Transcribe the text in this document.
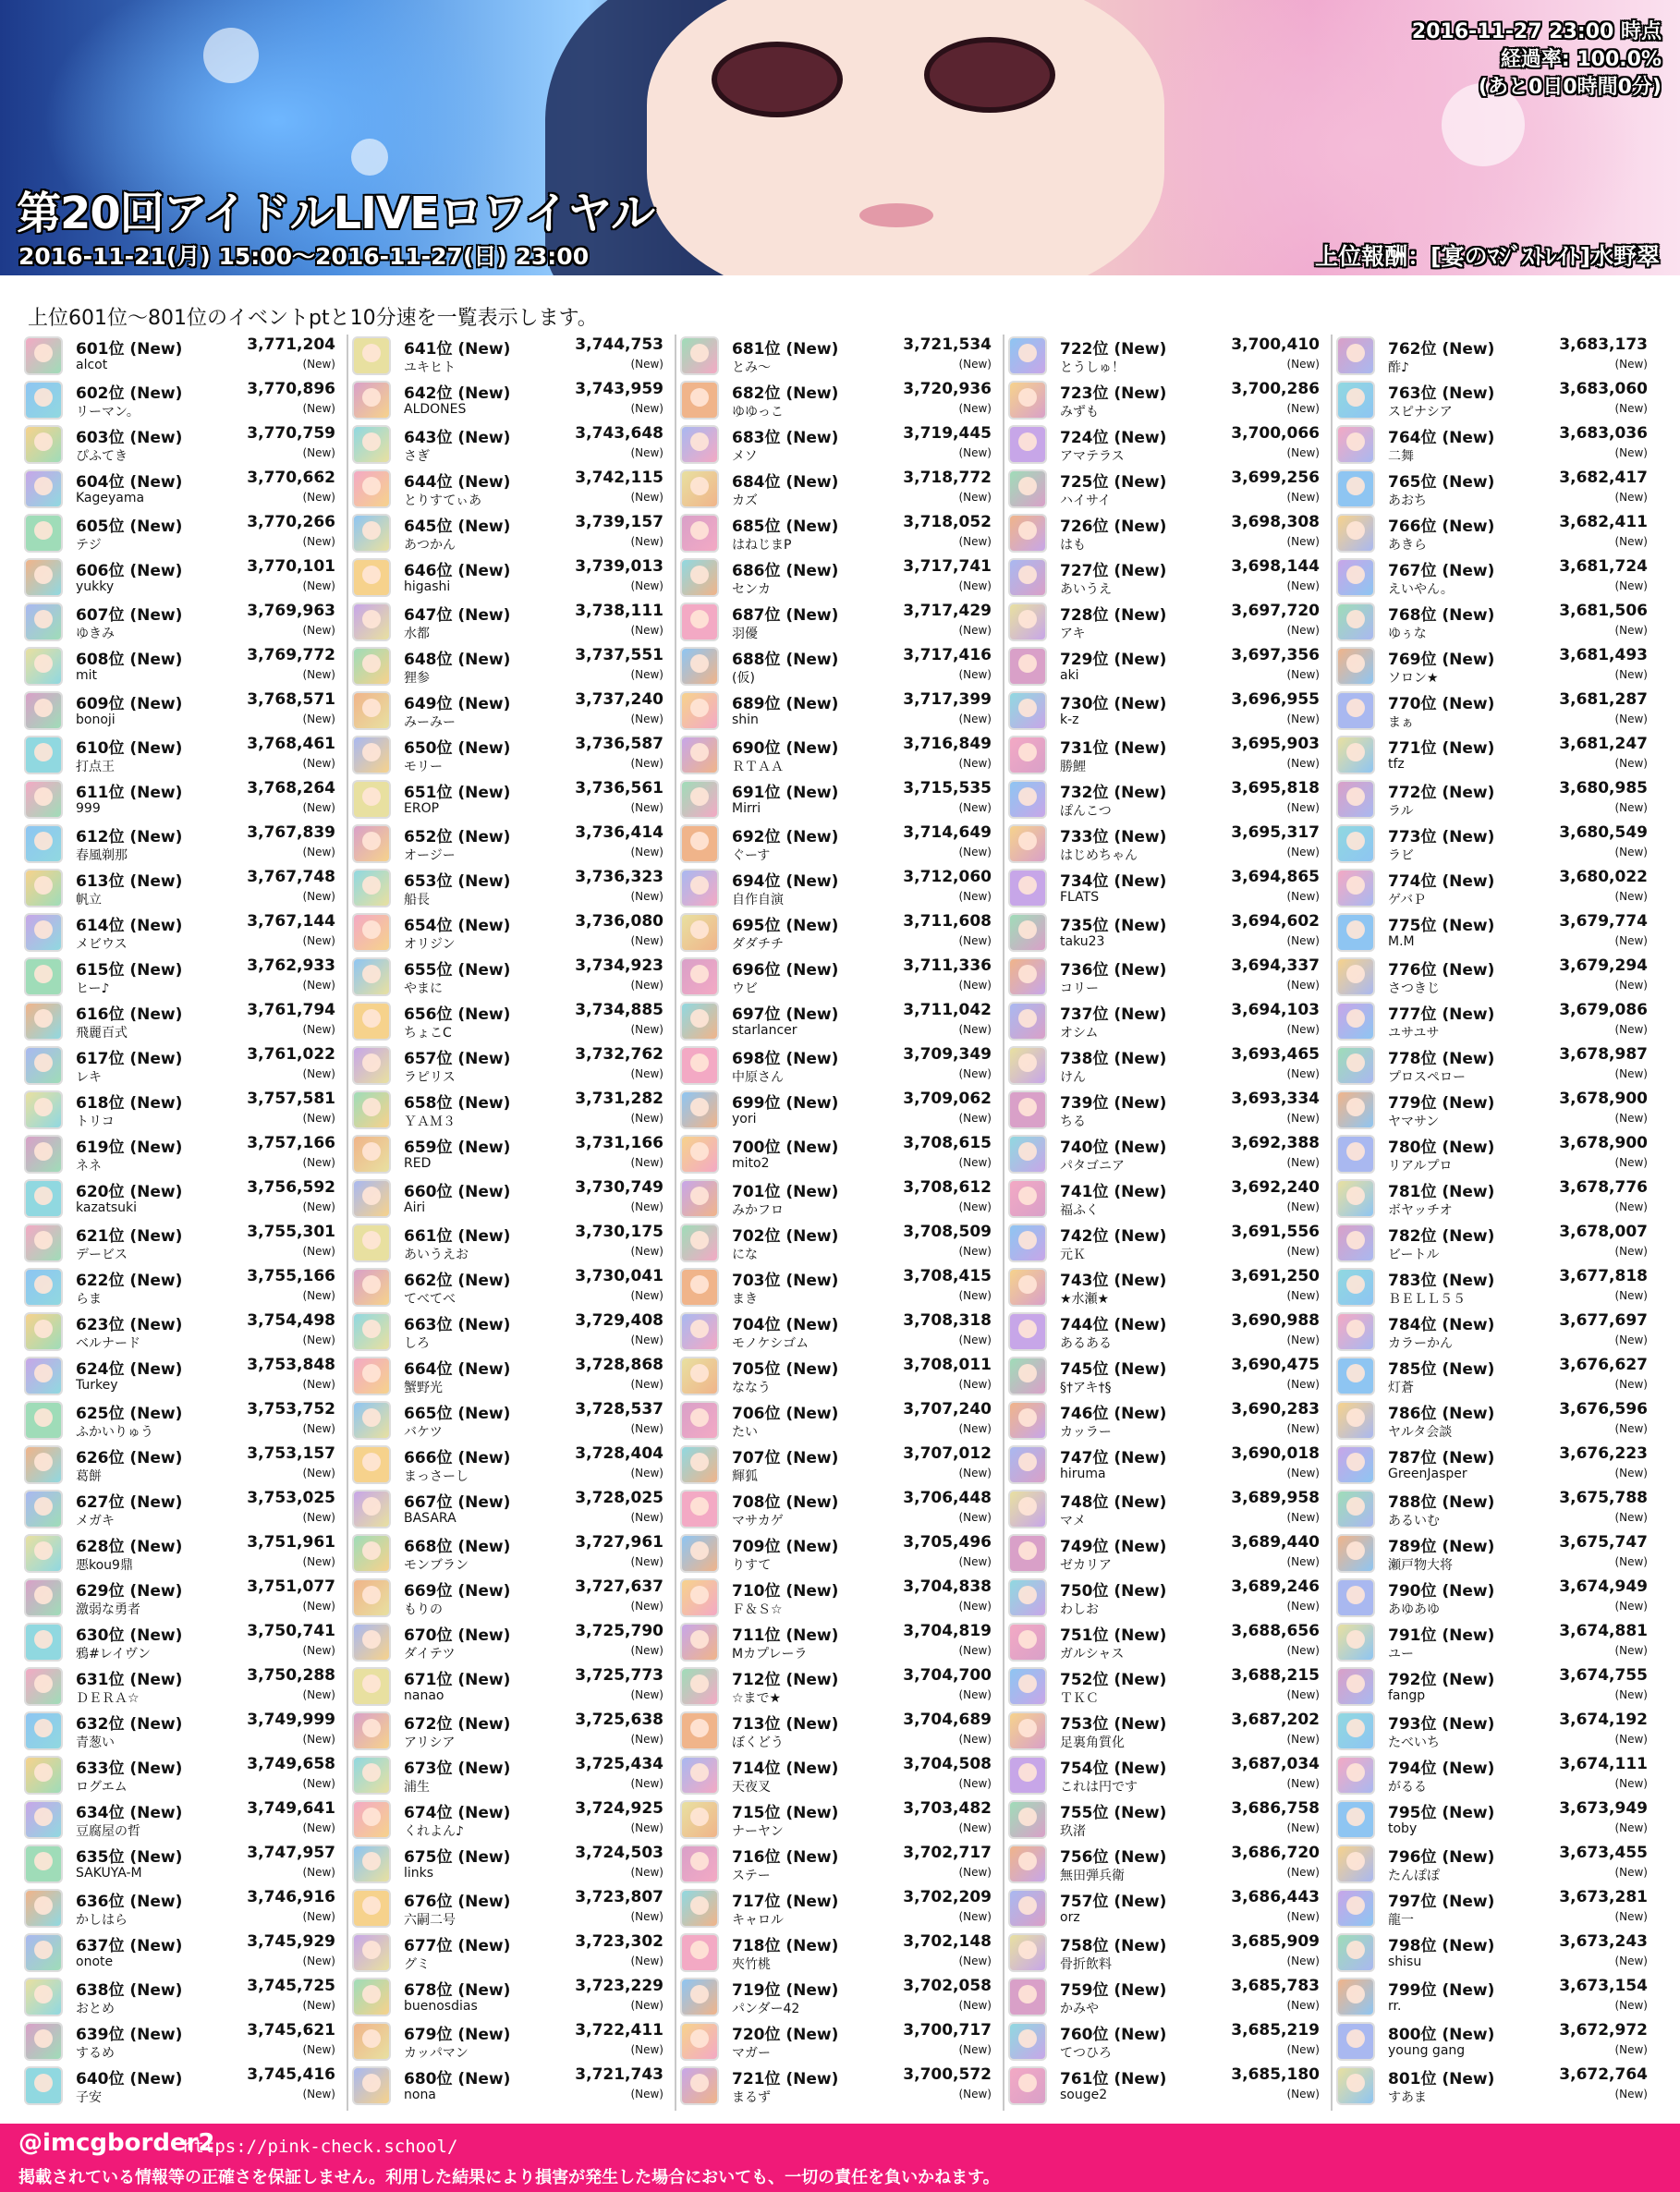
2016-11-27 23:00 時点
経過率: 100.0%
(あと0日0時間0分)
第20回アイドルLIVEロワイヤル
2016-11-21(月) 15:00〜2016-11-27(日) 23:00	上位報酬：[宴のﾏｼﾞｽﾄﾚｲﾄ]水野翠
上位601位〜801位のイベントptと10分速を一覧表示します。
601位 (New)
alcot
3,771,204
(New)
602位 (New)
リーマン。
3,770,896
(New)
603位 (New)
ぴふてき
3,770,759
(New)
604位 (New)
Kageyama
3,770,662
(New)
605位 (New)
テジ
3,770,266
(New)
606位 (New)
yukky
3,770,101
(New)
607位 (New)
ゆきみ
3,769,963
(New)
608位 (New)
mit
3,769,772
(New)
609位 (New)
bonoji
3,768,571
(New)
610位 (New)
打点王
3,768,461
(New)
611位 (New)
999
3,768,264
(New)
612位 (New)
春風剃那
3,767,839
(New)
613位 (New)
帆立
3,767,748
(New)
614位 (New)
メビウス
3,767,144
(New)
615位 (New)
ヒー♪
3,762,933
(New)
616位 (New)
飛麗百式
3,761,794
(New)
617位 (New)
レキ
3,761,022
(New)
618位 (New)
トリコ
3,757,581
(New)
619位 (New)
ネネ
3,757,166
(New)
620位 (New)
kazatsuki
3,756,592
(New)
621位 (New)
デービス
3,755,301
(New)
622位 (New)
らま
3,755,166
(New)
623位 (New)
ベルナード
3,754,498
(New)
624位 (New)
Turkey
3,753,848
(New)
625位 (New)
ふかいりゅう
3,753,752
(New)
626位 (New)
葛餅
3,753,157
(New)
627位 (New)
メガキ
3,753,025
(New)
628位 (New)
悪kou9鼎
3,751,961
(New)
629位 (New)
激弱な勇者
3,751,077
(New)
630位 (New)
鴉#レイヴン
3,750,741
(New)
631位 (New)
ＤＥＲＡ☆
3,750,288
(New)
632位 (New)
青葱い
3,749,999
(New)
633位 (New)
ログエム
3,749,658
(New)
634位 (New)
豆腐屋の哲
3,749,641
(New)
635位 (New)
SAKUYA-M
3,747,957
(New)
636位 (New)
かしはら
3,746,916
(New)
637位 (New)
onote
3,745,929
(New)
638位 (New)
おとめ
3,745,725
(New)
639位 (New)
するめ
3,745,621
(New)
640位 (New)
子安
3,745,416
(New)
641位 (New)
ユキヒト
3,744,753
(New)
642位 (New)
ALDONES
3,743,959
(New)
643位 (New)
さぎ
3,743,648
(New)
644位 (New)
とりすてぃあ
3,742,115
(New)
645位 (New)
あつかん
3,739,157
(New)
646位 (New)
higashi
3,739,013
(New)
647位 (New)
水都
3,738,111
(New)
648位 (New)
狸参
3,737,551
(New)
649位 (New)
みーみー
3,737,240
(New)
650位 (New)
モリー
3,736,587
(New)
651位 (New)
EROP
3,736,561
(New)
652位 (New)
オージー
3,736,414
(New)
653位 (New)
船長
3,736,323
(New)
654位 (New)
オリジン
3,736,080
(New)
655位 (New)
やまに
3,734,923
(New)
656位 (New)
ちょこC
3,734,885
(New)
657位 (New)
ラピリス
3,732,762
(New)
658位 (New)
ＹＡＭ３
3,731,282
(New)
659位 (New)
RED
3,731,166
(New)
660位 (New)
Airi
3,730,749
(New)
661位 (New)
あいうえお
3,730,175
(New)
662位 (New)
てべてべ
3,730,041
(New)
663位 (New)
しろ
3,729,408
(New)
664位 (New)
蟹野光
3,728,868
(New)
665位 (New)
バケツ
3,728,537
(New)
666位 (New)
まっさーし
3,728,404
(New)
667位 (New)
BASARA
3,728,025
(New)
668位 (New)
モンブラン
3,727,961
(New)
669位 (New)
もりの
3,727,637
(New)
670位 (New)
ダイテツ
3,725,790
(New)
671位 (New)
nanao
3,725,773
(New)
672位 (New)
アリシア
3,725,638
(New)
673位 (New)
浦生
3,725,434
(New)
674位 (New)
くれよん♪
3,724,925
(New)
675位 (New)
links
3,724,503
(New)
676位 (New)
六嗣二号
3,723,807
(New)
677位 (New)
グミ
3,723,302
(New)
678位 (New)
buenosdias
3,723,229
(New)
679位 (New)
カッパマン
3,722,411
(New)
680位 (New)
nona
3,721,743
(New)
681位 (New)
とみ〜
3,721,534
(New)
682位 (New)
ゆゆっこ
3,720,936
(New)
683位 (New)
メソ
3,719,445
(New)
684位 (New)
カズ
3,718,772
(New)
685位 (New)
はねじまP
3,718,052
(New)
686位 (New)
センカ
3,717,741
(New)
687位 (New)
羽優
3,717,429
(New)
688位 (New)
(仮)
3,717,416
(New)
689位 (New)
shin
3,717,399
(New)
690位 (New)
ＲＴＡＡ
3,716,849
(New)
691位 (New)
Mirri
3,715,535
(New)
692位 (New)
ぐーす
3,714,649
(New)
694位 (New)
自作自演
3,712,060
(New)
695位 (New)
ダダチチ
3,711,608
(New)
696位 (New)
ウビ
3,711,336
(New)
697位 (New)
starlancer
3,711,042
(New)
698位 (New)
中原さん
3,709,349
(New)
699位 (New)
yori
3,709,062
(New)
700位 (New)
mito2
3,708,615
(New)
701位 (New)
みかフロ
3,708,612
(New)
702位 (New)
にな
3,708,509
(New)
703位 (New)
まき
3,708,415
(New)
704位 (New)
モノケシゴム
3,708,318
(New)
705位 (New)
ななう
3,708,011
(New)
706位 (New)
たい
3,707,240
(New)
707位 (New)
輝狐
3,707,012
(New)
708位 (New)
マサカゲ
3,706,448
(New)
709位 (New)
りすて
3,705,496
(New)
710位 (New)
Ｆ＆Ｓ☆
3,704,838
(New)
711位 (New)
Mカプレーラ
3,704,819
(New)
712位 (New)
☆まで★
3,704,700
(New)
713位 (New)
ぼくどう
3,704,689
(New)
714位 (New)
天夜叉
3,704,508
(New)
715位 (New)
ナーヤン
3,703,482
(New)
716位 (New)
ステー
3,702,717
(New)
717位 (New)
キャロル
3,702,209
(New)
718位 (New)
夾竹桃
3,702,148
(New)
719位 (New)
パンダー42
3,702,058
(New)
720位 (New)
マガー
3,700,717
(New)
721位 (New)
まるず
3,700,572
(New)
722位 (New)
とうしゅ！
3,700,410
(New)
723位 (New)
みずも
3,700,286
(New)
724位 (New)
アマテラス
3,700,066
(New)
725位 (New)
ハイサイ
3,699,256
(New)
726位 (New)
はも
3,698,308
(New)
727位 (New)
あいうえ
3,698,144
(New)
728位 (New)
アキ
3,697,720
(New)
729位 (New)
aki
3,697,356
(New)
730位 (New)
k-z
3,696,955
(New)
731位 (New)
勝鯉
3,695,903
(New)
732位 (New)
ぽんこつ
3,695,818
(New)
733位 (New)
はじめちゃん
3,695,317
(New)
734位 (New)
FLATS
3,694,865
(New)
735位 (New)
taku23
3,694,602
(New)
736位 (New)
コリー
3,694,337
(New)
737位 (New)
オシム
3,694,103
(New)
738位 (New)
けん
3,693,465
(New)
739位 (New)
ちる
3,693,334
(New)
740位 (New)
パタゴニア
3,692,388
(New)
741位 (New)
福ふく
3,692,240
(New)
742位 (New)
元Ｋ
3,691,556
(New)
743位 (New)
★水瀬★
3,691,250
(New)
744位 (New)
あるある
3,690,988
(New)
745位 (New)
§†アキ†§
3,690,475
(New)
746位 (New)
カッラー
3,690,283
(New)
747位 (New)
hiruma
3,690,018
(New)
748位 (New)
マメ
3,689,958
(New)
749位 (New)
ゼカリア
3,689,440
(New)
750位 (New)
わしお
3,689,246
(New)
751位 (New)
ガルシャス
3,688,656
(New)
752位 (New)
ＴＫＣ
3,688,215
(New)
753位 (New)
足裏角質化
3,687,202
(New)
754位 (New)
これは円です
3,687,034
(New)
755位 (New)
玖渚
3,686,758
(New)
756位 (New)
無田弾兵衛
3,686,720
(New)
757位 (New)
orz
3,686,443
(New)
758位 (New)
骨折飲料
3,685,909
(New)
759位 (New)
かみや
3,685,783
(New)
760位 (New)
てつひろ
3,685,219
(New)
761位 (New)
souge2
3,685,180
(New)
762位 (New)
酢♪
3,683,173
(New)
763位 (New)
スピナシア
3,683,060
(New)
764位 (New)
二舞
3,683,036
(New)
765位 (New)
あおち
3,682,417
(New)
766位 (New)
あきら
3,682,411
(New)
767位 (New)
えいやん。
3,681,724
(New)
768位 (New)
ゆぅな
3,681,506
(New)
769位 (New)
ソロン★
3,681,493
(New)
770位 (New)
まぁ
3,681,287
(New)
771位 (New)
tfz
3,681,247
(New)
772位 (New)
ラル
3,680,985
(New)
773位 (New)
ラビ
3,680,549
(New)
774位 (New)
ゲバＰ
3,680,022
(New)
775位 (New)
M.M
3,679,774
(New)
776位 (New)
さつきじ
3,679,294
(New)
777位 (New)
ユサユサ
3,679,086
(New)
778位 (New)
プロスペロー
3,678,987
(New)
779位 (New)
ヤマサン
3,678,900
(New)
780位 (New)
リアルプロ
3,678,900
(New)
781位 (New)
ボヤッチオ
3,678,776
(New)
782位 (New)
ビートル
3,678,007
(New)
783位 (New)
ＢＥＬＬ５５
3,677,818
(New)
784位 (New)
カラーかん
3,677,697
(New)
785位 (New)
灯蒼
3,676,627
(New)
786位 (New)
ヤルタ会談
3,676,596
(New)
787位 (New)
GreenJasper
3,676,223
(New)
788位 (New)
あるいむ
3,675,788
(New)
789位 (New)
瀬戸物大将
3,675,747
(New)
790位 (New)
あゆあゆ
3,674,949
(New)
791位 (New)
ユー
3,674,881
(New)
792位 (New)
fangp
3,674,755
(New)
793位 (New)
たべいち
3,674,192
(New)
794位 (New)
がるる
3,674,111
(New)
795位 (New)
toby
3,673,949
(New)
796位 (New)
たんぽぽ
3,673,455
(New)
797位 (New)
龍一
3,673,281
(New)
798位 (New)
shisu
3,673,243
(New)
799位 (New)
rr.
3,673,154
(New)
800位 (New)
young gang
3,672,972
(New)
801位 (New)
すあま
3,672,764
(New)
@imcgborder2
https://pink-check.school/
掲載されている情報等の正確さを保証しません。利用した結果により損害が発生した場合においても、一切の責任を負いかねます。
